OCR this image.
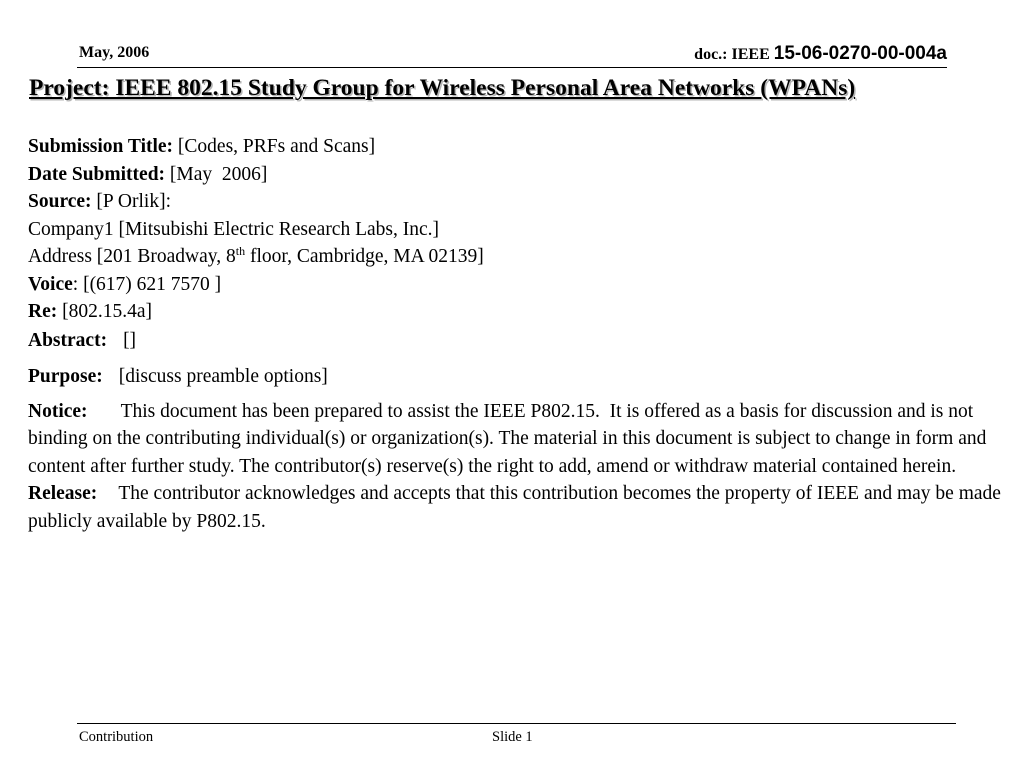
May, 2006	doc.: IEEE 15-06-0270-00-004a
Project: IEEE 802.15 Study Group for Wireless Personal Area Networks (WPANs)
Submission Title: [Codes, PRFs and Scans]
Date Submitted: [May  2006]
Source: [P Orlik]:
Company1 [Mitsubishi Electric Research Labs, Inc.]
Address [201 Broadway, 8th floor, Cambridge, MA 02139]
Voice: [(617) 621 7570 ]
Re: [802.15.4a]
Abstract: []
Purpose: [discuss preamble options]
Notice: This document has been prepared to assist the IEEE P802.15.  It is offered as a basis for discussion and is not binding on the contributing individual(s) or organization(s). The material in this document is subject to change in form and content after further study. The contributor(s) reserve(s) the right to add, amend or withdraw material contained herein.
Release: The contributor acknowledges and accepts that this contribution becomes the property of IEEE and may be made publicly available by P802.15.
Contribution	Slide 1
